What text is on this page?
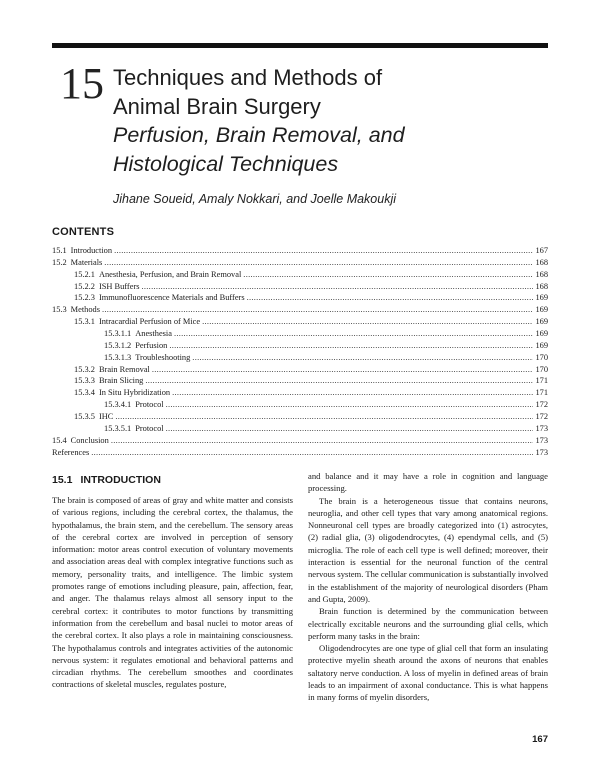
15 Techniques and Methods of
Animal Brain Surgery
Perfusion, Brain Removal, and
Histological Techniques
Jihane Soueid, Amaly Nokkari, and Joelle Makoukji
CONTENTS
15.1 Introduction .....	167
15.2 Materials .....	168
15.2.1 Anesthesia, Perfusion, and Brain Removal .....	168
15.2.2 ISH Buffers .....	168
15.2.3 Immunofluorescence Materials and Buffers .....	169
15.3 Methods .....	169
15.3.1 Intracardial Perfusion of Mice .....	169
15.3.1.1 Anesthesia .....	169
15.3.1.2 Perfusion .....	169
15.3.1.3 Troubleshooting .....	170
15.3.2 Brain Removal .....	170
15.3.3 Brain Slicing .....	171
15.3.4 In Situ Hybridization .....	171
15.3.4.1 Protocol .....	172
15.3.5 IHC .....	172
15.3.5.1 Protocol .....	173
15.4 Conclusion .....	173
References .....	173
15.1 INTRODUCTION

The brain is composed of areas of gray and white matter and consists of various regions, including the cerebral cortex, the thalamus, the hypothalamus, the brain stem, and the cerebellum. The sensory areas of the cerebral cortex are involved in perception of sensory information: motor areas control execution of voluntary movements and association areas deal with complex integrative functions such as memory, personality traits, and intelligence. The limbic system promotes range of emotions including pleasure, pain, affection, fear, and anger. The thalamus relays almost all sensory input to the cerebral cortex: it contributes to motor functions by transmitting information from the cerebellum and basal nuclei to motor areas of the cerebral cortex. It also plays a role in maintaining consciousness. The hypothalamus controls and integrates activities of the autonomic nervous system: it regulates emotional and behavioral patterns and circadian rhythms. The cerebellum smoothes and coordinates contractions of skeletal muscles, regulates posture,

and balance and it may have a role in cognition and language processing.

The brain is a heterogeneous tissue that contains neurons, neuroglia, and other cell types that vary among anatomical regions. Nonneuronal cell types are broadly categorized into (1) astrocytes, (2) radial glia, (3) oligodendrocytes, (4) ependymal cells, and (5) microglia. The role of each cell type is well defined; moreover, their interaction is essential for the neuronal function of the central nervous system. The cellular communication is substantially involved in the establishment of the majority of neurological disorders (Pham and Gupta, 2009).

Brain function is determined by the communication between electrically excitable neurons and the surrounding glial cells, which perform many tasks in the brain:

Oligodendrocytes are one type of glial cell that form an insulating protective myelin sheath around the axons of neurons that enables saltatory nerve conduction. A loss of myelin in defined areas of brain leads to an impairment of axonal conductance. This is what happens in many forms of myelin disorders,

167
